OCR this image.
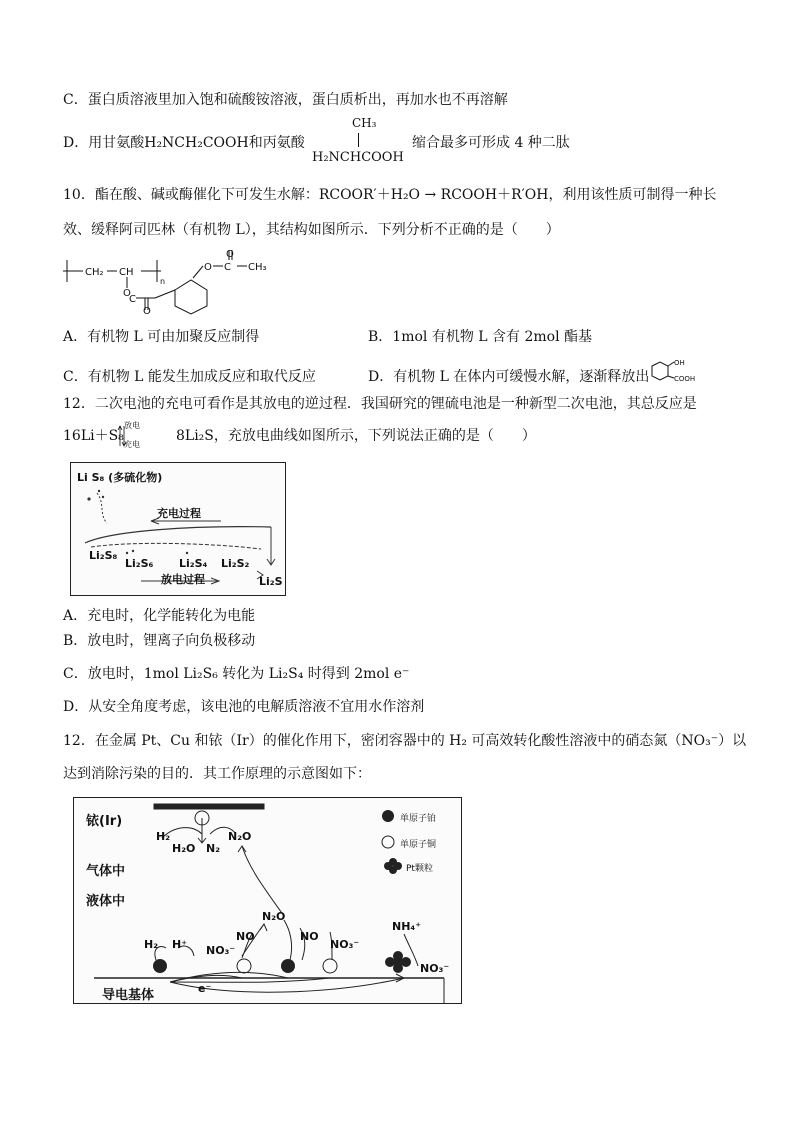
C．蛋白质溶液里加入饱和硫酸铵溶液，蛋白质析出，再加水也不再溶解
D．用甘氨酸H₂NCH₂COOH和丙氨酸
CH₃
H₂NCHCOOH
缩合最多可形成 4 种二肽
10．酯在酸、碱或酶催化下可发生水解：RCOOR′＋H₂O → RCOOH＋R′OH，利用该性质可制得一种长
效、缓释阿司匹林（有机物 L），其结构如图所示．下列分析不正确的是（　　）
CH₂ CH
n
O
C
O
O C CH₃
O
A．有机物 L 可由加聚反应制得	B．1mol 有机物 L 含有 2mol 酯基
C．有机物 L 能发生加成反应和取代反应	D．有机物 L 在体内可缓慢水解，逐渐释放出
OH
COOH
12．二次电池的充电可看作是其放电的逆过程．我国研究的锂硫电池是一种新型二次电池，其总反应是
16Li＋S₈
放电
充电
8Li₂S，充放电曲线如图所示，下列说法正确的是（　　）
Li S₈ (多硫化物)
充电过程
Li₂S₈
Li₂S₆ Li₂S₄ Li₂S₂
Li₂S
放电过程
A．充电时，化学能转化为电能
B．放电时，锂离子向负极移动
C．放电时，1mol Li₂S₆ 转化为 Li₂S₄ 时得到 2mol e⁻
D．从安全角度考虑，该电池的电解质溶液不宜用水作溶剂
12．在金属 Pt、Cu 和铱（Ir）的催化作用下，密闭容器中的 H₂ 可高效转化酸性溶液中的硝态氮（NO₃⁻）以
达到消除污染的目的．其工作原理的示意图如下：
铱(Ir)
气体中
液体中
导电基体
单原子铂
单原子铜
Pt颗粒
H₂
H₂O N₂
N₂O
N₂O
H₂ H⁺ NO₃⁻
NO	NO
NO₃⁻
NH₄⁺
NO₃⁻
e⁻
